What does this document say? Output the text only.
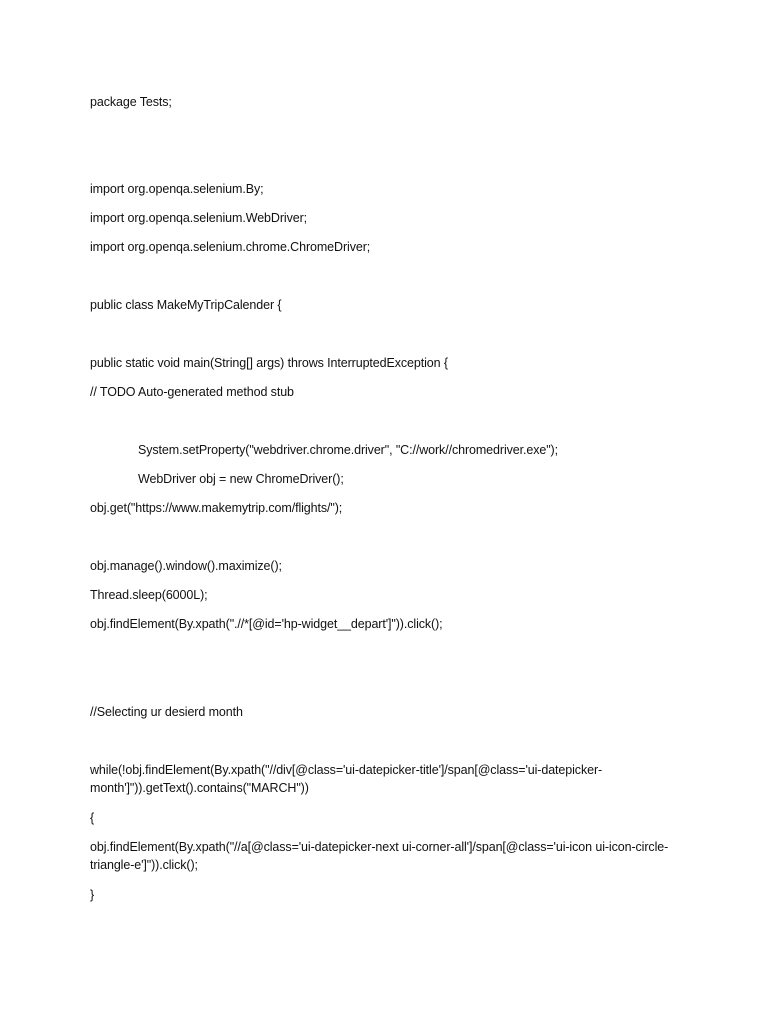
package Tests;
import org.openqa.selenium.By;
import org.openqa.selenium.WebDriver;
import org.openqa.selenium.chrome.ChromeDriver;
public class MakeMyTripCalender {
public static void main(String[] args) throws InterruptedException {
// TODO Auto-generated method stub
System.setProperty("webdriver.chrome.driver", "C://work//chromedriver.exe");
WebDriver obj = new ChromeDriver();
obj.get("https://www.makemytrip.com/flights/");
obj.manage().window().maximize();
Thread.sleep(6000L);
obj.findElement(By.xpath(".//*[@id='hp-widget__depart']")).click();
//Selecting ur desierd month
while(!obj.findElement(By.xpath("//div[@class='ui-datepicker-title']/span[@class='ui-datepicker-month']")).getText().contains("MARCH"))
{
obj.findElement(By.xpath("//a[@class='ui-datepicker-next ui-corner-all']/span[@class='ui-icon ui-icon-circle-triangle-e']")).click();
}
